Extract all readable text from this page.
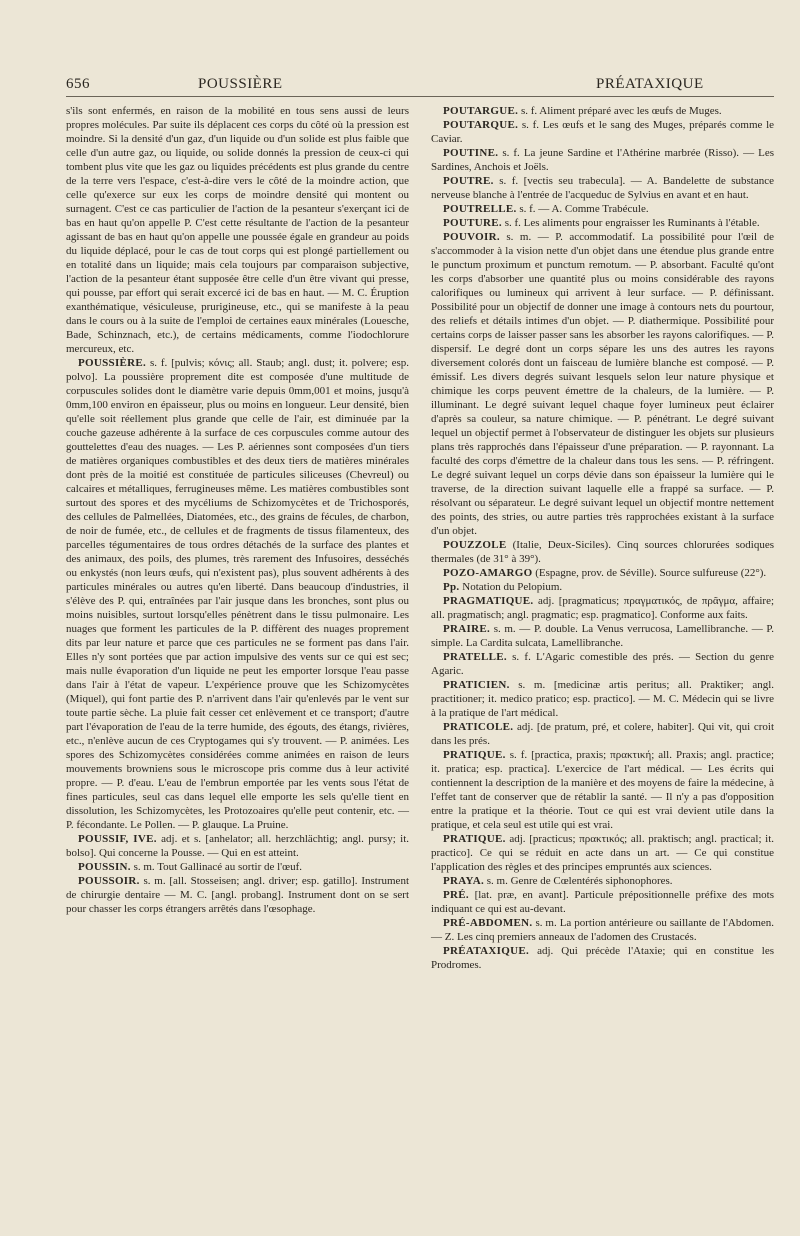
656	POUSSIÈRE	PRÉATAXIQUE

s'ils sont enfermés, en raison de la mobilité en tous sens aussi de leurs propres molécules. Par suite ils déplacent ces corps du côté où la pression est moindre. Si la densité d'un gaz, d'un liquide ou d'un solide est plus faible que celle d'un autre gaz, ou liquide, ou solide donnés la pression de ceux-ci qui tombent plus vite que les gaz ou liquides précédents est plus grande du centre de la terre vers l'espace, c'est-à-dire vers le côté de la moindre action, que celle qu'exerce sur eux les corps de moindre densité qui montent ou surnagent. C'est ce cas particulier de l'action de la pesanteur s'exerçant ici de bas en haut qu'on appelle P. C'est cette résultante de l'action de la pesanteur agissant de bas en haut qu'on appelle une poussée égale en grandeur au poids du liquide déplacé, pour le cas de tout corps qui est plongé partiellement ou en totalité dans un liquide; mais cela toujours par comparaison subjective, l'action de la pesanteur étant supposée être celle d'un être vivant qui presse, qui pousse, par effort qui serait excercé ici de bas en haut. — M. C. Éruption exanthématique, vésiculeuse, prurigineuse, etc., qui se manifeste à la peau dans le cours ou à la suite de l'emploi de certaines eaux minérales (Louesche, Bade, Schinznach, etc.), de certains médicaments, comme l'iodochlorure mercureux, etc.

POUSSIÈRE. s. f. [pulvis; κόνις; all. Staub; angl. dust; it. polvere; esp. polvo]. La poussière proprement dite est composée d'une multitude de corpuscules solides dont le diamètre varie depuis 0mm,001 et moins, jusqu'à 0mm,100 environ en épaisseur, plus ou moins en longueur. Leur densité, bien qu'elle soit réellement plus grande que celle de l'air, est diminuée par la couche gazeuse adhérente à la surface de ces corpuscules comme autour des gouttelettes d'eau des nuages. — Les P. aériennes sont composées d'un tiers de matières organiques combustibles et des deux tiers de matières minérales dont près de la moitié est constituée de particules siliceuses (Chevreul) ou calcaires et métalliques, ferrugineuses même. Les matières combustibles sont surtout des spores et des mycéliums de Schizomycètes et de Trichosporés, des cellules de Palmellées, Diatomées, etc., des grains de fécules, de charbon, de noir de fumée, etc., de cellules et de fragments de tissus filamenteux, des parcelles tégumentaires de tous ordres détachés de la surface des plantes et des animaux, des poils, des plumes, très rarement des Infusoires, desséchés ou enkystés (non leurs œufs, qui n'existent pas), plus souvent adhérents à des particules minérales ou autres qu'en liberté. Dans beaucoup d'industries, il s'élève des P. qui, entraînées par l'air jusque dans les bronches, sont plus ou moins nuisibles, surtout lorsqu'elles pénètrent dans le tissu pulmonaire. Les nuages que forment les particules de la P. diffèrent des nuages proprement dits par leur nature et parce que ces particules ne se forment pas dans l'air. Elles n'y sont portées que par action impulsive des vents sur ce qui est sec; mais nulle évaporation d'un liquide ne peut les emporter lorsque l'eau passe dans l'air à l'état de vapeur. L'expérience prouve que les Schizomycètes (Miquel), qui font partie des P. n'arrivent dans l'air qu'enlevés par le vent sur toute partie sèche. La pluie fait cesser cet enlèvement et ce transport; d'autre part l'évaporation de l'eau de la terre humide, des égouts, des étangs, rivières, etc., n'enlève aucun de ces Cryptogames qui s'y trouvent. — P. animées. Les spores des Schizomycètes considérées comme animées en raison de leurs mouvements browniens sous le microscope pris comme dus à leur activité propre. — P. d'eau. L'eau de l'embrun emportée par les vents sous l'état de fines particules, seul cas dans lequel elle emporte les sels qu'elle tient en dissolution, les Schizomycètes, les Protozoaires qu'elle peut contenir, etc. — P. fécondante. Le Pollen. — P. glauque. La Pruine.

POUSSIF, IVE. adj. et s. [anhelator; all. herzchlächtig; angl. pursy; it. bolso]. Qui concerne la Pousse. — Qui en est atteint.

POUSSIN. s. m. Tout Gallinacé au sortir de l'œuf.

POUSSOIR. s. m. [all. Stosseisen; angl. driver; esp. gatillo]. Instrument de chirurgie dentaire — M. C. [angl. probang]. Instrument dont on se sert pour chasser les corps étrangers arrêtés dans l'œsophage.

POUTARGUE. s. f. Aliment préparé avec les œufs de Muges.

POUTARQUE. s. f. Les œufs et le sang des Muges, préparés comme le Caviar.

POUTINE. s. f. La jeune Sardine et l'Athérine marbrée (Risso). — Les Sardines, Anchois et Joëls.

POUTRE. s. f. [vectis seu trabecula]. — A. Bandelette de substance nerveuse blanche à l'entrée de l'acqueduc de Sylvius en avant et en haut.

POUTRELLE. s. f. — A. Comme Trabécule.

POUTURE. s. f. Les aliments pour engraisser les Ruminants à l'étable.

POUVOIR. s. m. — P. accommodatif. La possibilité pour l'œil de s'accommoder à la vision nette d'un objet dans une étendue plus grande entre le punctum proximum et punctum remotum. — P. absorbant. Faculté qu'ont les corps d'absorber une quantité plus ou moins considérable des rayons calorifiques ou lumineux qui arrivent à leur surface. — P. définissant. Possibilité pour un objectif de donner une image à contours nets du pourtour, des reliefs et détails intimes d'un objet. — P. diathermique. Possibilité pour certains corps de laisser passer sans les absorber les rayons calorifiques. — P. dispersif. Le degré dont un corps sépare les uns des autres les rayons diversement colorés dont un faisceau de lumière blanche est composé. — P. émissif. Les divers degrés suivant lesquels selon leur nature physique et chimique les corps peuvent émettre de la chaleurs, de la lumière. — P. illuminant. Le degré suivant lequel chaque foyer lumineux peut éclairer d'après sa couleur, sa nature chimique. — P. pénétrant. Le degré suivant lequel un objectif permet à l'observateur de distinguer les objets sur plusieurs plans très rapprochés dans l'épaisseur d'une préparation. — P. rayonnant. La faculté des corps d'émettre de la chaleur dans tous les sens. — P. réfringent. Le degré suivant lequel un corps dévie dans son épaisseur la lumière qui le traverse, de la direction suivant laquelle elle a frappé sa surface. — P. résolvant ou séparateur. Le degré suivant lequel un objectif montre nettement des points, des stries, ou autre parties très rapprochées existant à la surface d'un objet.

POUZZOLE (Italie, Deux-Siciles). Cinq sources chlorurées sodiques thermales (de 31° à 39°).

POZO-AMARGO (Espagne, prov. de Séville). Source sulfureuse (22°).

Pp. Notation du Pelopium.

PRAGMATIQUE. adj. [pragmaticus; πραγματικός, de πρᾶγμα, affaire; all. pragmatisch; angl. pragmatic; esp. pragmatico]. Conforme aux faits.

PRAIRE. s. m. — P. double. La Venus verrucosa, Lamellibranche. — P. simple. La Cardita sulcata, Lamellibranche.

PRATELLE. s. f. L'Agaric comestible des prés. — Section du genre Agaric.

PRATICIEN. s. m. [medicinæ artis peritus; all. Praktiker; angl. practitioner; it. medico pratico; esp. practico]. — M. C. Médecin qui se livre à la pratique de l'art médical.

PRATICOLE. adj. [de pratum, pré, et colere, habiter]. Qui vit, qui croit dans les prés.

PRATIQUE. s. f. [practica, praxis; πρακτική; all. Praxis; angl. practice; it. pratica; esp. practica]. L'exercice de l'art médical. — Les écrits qui contiennent la description de la manière et des moyens de faire la médecine, à l'effet tant de conserver que de rétablir la santé. — Il n'y a pas d'opposition entre la pratique et la théorie. Tout ce qui est vrai devient utile dans la pratique, et cela seul est utile qui est vrai.

PRATIQUE. adj. [practicus; πρακτικός; all. praktisch; angl. practical; it. practico]. Ce qui se réduit en acte dans un art. — Ce qui constitue l'application des règles et des principes empruntés aux sciences.

PRAYA. s. m. Genre de Cœlentérés siphonophores.

PRÉ. [lat. præ, en avant]. Particule prépositionnelle préfixe des mots indiquant ce qui est au-devant.

PRÉ-ABDOMEN. s. m. La portion antérieure ou saillante de l'Abdomen. — Z. Les cinq premiers anneaux de l'adomen des Crustacés.

PRÉATAXIQUE. adj. Qui précède l'Ataxie; qui en constitue les Prodromes.
